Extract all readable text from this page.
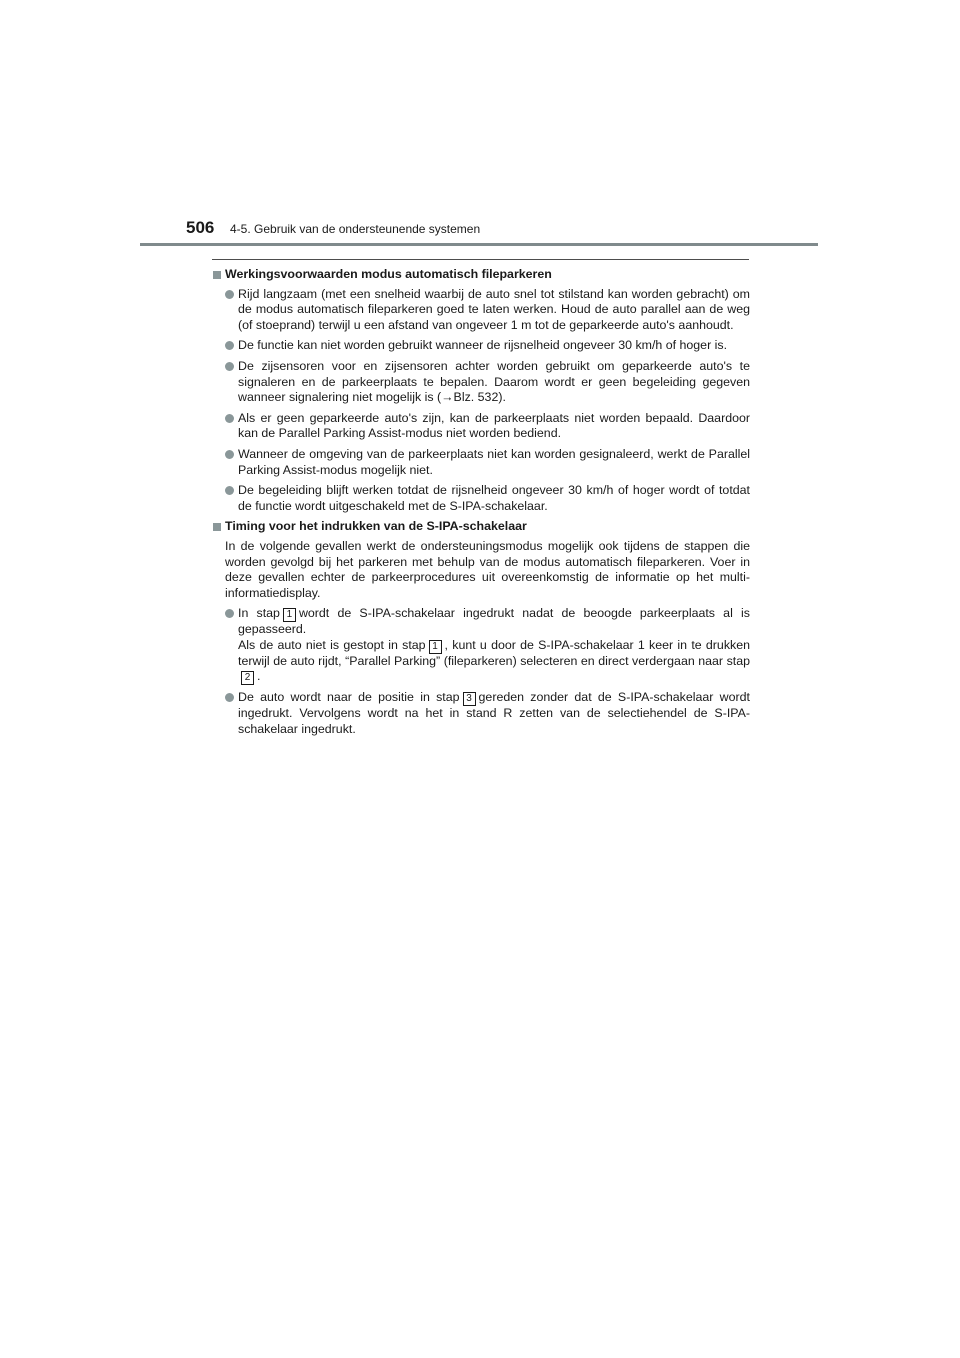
506 4-5. Gebruik van de ondersteunende systemen
Werkingsvoorwaarden modus automatisch fileparkeren
Rijd langzaam (met een snelheid waarbij de auto snel tot stilstand kan worden gebracht) om de modus automatisch fileparkeren goed te laten werken. Houd de auto parallel aan de weg (of stoeprand) terwijl u een afstand van ongeveer 1 m tot de geparkeerde auto's aanhoudt.
De functie kan niet worden gebruikt wanneer de rijsnelheid ongeveer 30 km/h of hoger is.
De zijsensoren voor en zijsensoren achter worden gebruikt om geparkeerde auto's te signaleren en de parkeerplaats te bepalen. Daarom wordt er geen begeleiding gegeven wanneer signalering niet mogelijk is (→Blz. 532).
Als er geen geparkeerde auto's zijn, kan de parkeerplaats niet worden bepaald. Daardoor kan de Parallel Parking Assist-modus niet worden bediend.
Wanneer de omgeving van de parkeerplaats niet kan worden gesignaleerd, werkt de Parallel Parking Assist-modus mogelijk niet.
De begeleiding blijft werken totdat de rijsnelheid ongeveer 30 km/h of hoger wordt of totdat de functie wordt uitgeschakeld met de S-IPA-schakelaar.
Timing voor het indrukken van de S-IPA-schakelaar
In de volgende gevallen werkt de ondersteuningsmodus mogelijk ook tijdens de stappen die worden gevolgd bij het parkeren met behulp van de modus automatisch fileparkeren. Voer in deze gevallen echter de parkeerprocedures uit overeenkomstig de informatie op het multi-informatiedisplay.
In stap 1 wordt de S-IPA-schakelaar ingedrukt nadat de beoogde parkeerplaats al is gepasseerd.
Als de auto niet is gestopt in stap 1 , kunt u door de S-IPA-schakelaar 1 keer in te drukken terwijl de auto rijdt, “Parallel Parking” (fileparkeren) selecteren en direct verdergaan naar stap2 .
De auto wordt naar de positie in stap 3 gereden zonder dat de S-IPA-schakelaar wordt ingedrukt. Vervolgens wordt na het in stand R zetten van de selectiehendel de S-IPA-schakelaar ingedrukt.
